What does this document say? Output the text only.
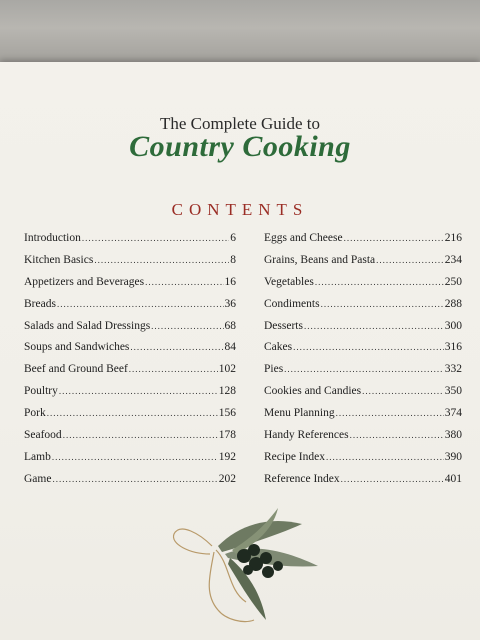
The Complete Guide to
Country Cooking
CONTENTS
Introduction .....	6
Kitchen Basics .....	8
Appetizers and Beverages .....	16
Breads .....	36
Salads and Salad Dressings .....	68
Soups and Sandwiches .....	84
Beef and Ground Beef .....	102
Poultry .....	128
Pork .....	156
Seafood .....	178
Lamb .....	192
Game .....	202
Eggs and Cheese .....	216
Grains, Beans and Pasta .....	234
Vegetables .....	250
Condiments .....	288
Desserts .....	300
Cakes .....	316
Pies .....	332
Cookies and Candies .....	350
Menu Planning .....	374
Handy References .....	380
Recipe Index .....	390
Reference Index .....	401
